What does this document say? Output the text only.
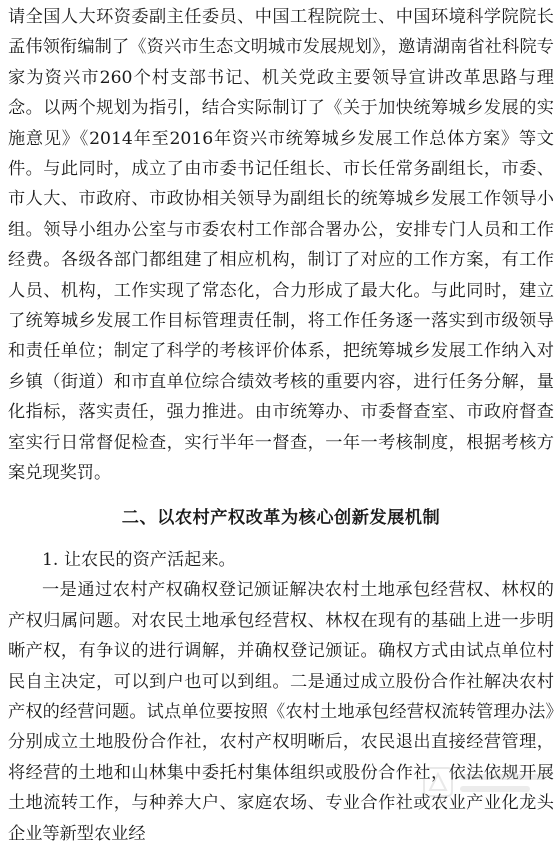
请全国人大环资委副主任委员、中国工程院院士、中国环境科学院院长孟伟领衔编制了《资兴市生态文明城市发展规划》，邀请湖南省社科院专家为资兴市260个村支部书记、机关党政主要领导宣讲改革思路与理念。以两个规划为指引，结合实际制订了《关于加快统筹城乡发展的实施意见》《2014年至2016年资兴市统筹城乡发展工作总体方案》等文件。与此同时，成立了由市委书记任组长、市长任常务副组长，市委、市人大、市政府、市政协相关领导为副组长的统筹城乡发展工作领导小组。领导小组办公室与市委农村工作部合署办公，安排专门人员和工作经费。各级各部门都组建了相应机构，制订了对应的工作方案，有工作人员、机构，工作实现了常态化，合力形成了最大化。与此同时，建立了统筹城乡发展工作目标管理责任制，将工作任务逐一落实到市级领导和责任单位；制定了科学的考核评价体系，把统筹城乡发展工作纳入对乡镇（街道）和市直单位综合绩效考核的重要内容，进行任务分解，量化指标，落实责任，强力推进。由市统筹办、市委督查室、市政府督查室实行日常督促检查，实行半年一督查，一年一考核制度，根据考核方案兑现奖罚。

二、以农村产权改革为核心创新发展机制

1. 让农民的资产活起来。

一是通过农村产权确权登记颁证解决农村土地承包经营权、林权的产权归属问题。对农民土地承包经营权、林权在现有的基础上进一步明晰产权，有争议的进行调解，并确权登记颁证。确权方式由试点单位村民自主决定，可以到户也可以到组。二是通过成立股份合作社解决农村产权的经营问题。试点单位要按照《农村土地承包经营权流转管理办法》分别成立土地股份合作社，农村产权明晰后，农民退出直接经营管理，将经营的土地和山林集中委托村集体组织或股份合作社，依法依规开展土地流转工作，与种养大户、家庭农场、专业合作社或农业产业化龙头企业等新型农业经
